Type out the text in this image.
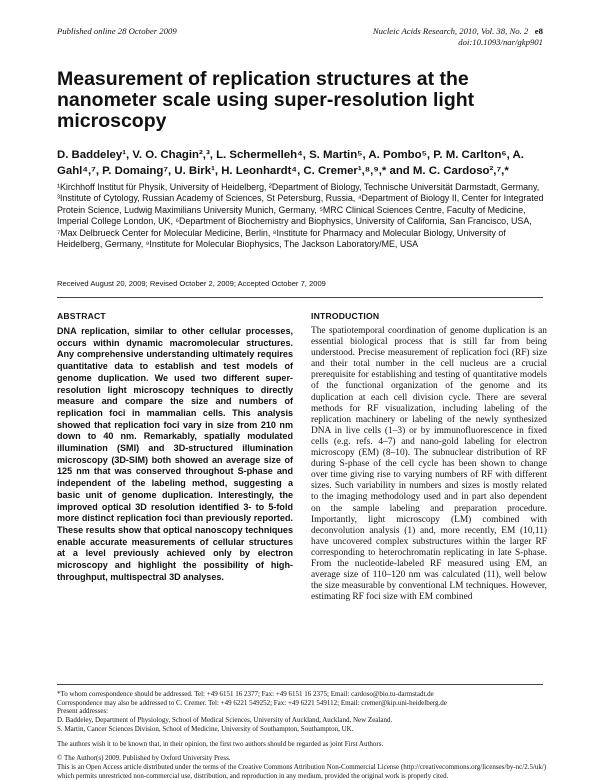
Published online 28 October 2009	Nucleic Acids Research, 2010, Vol. 38, No. 2 e8
doi:10.1093/nar/gkp901
Measurement of replication structures at the nanometer scale using super-resolution light microscopy
D. Baddeley¹, V. O. Chagin²,³, L. Schermelleh⁴, S. Martin⁵, A. Pombo⁵, P. M. Carlton⁶, A. Gahl⁴,⁷, P. Domaing⁷, U. Birk¹, H. Leonhardt⁴, C. Cremer¹,⁸,⁹,* and M. C. Cardoso²,⁷,*
¹Kirchhoff Institut für Physik, University of Heidelberg, ²Department of Biology, Technische Universität Darmstadt, Germany, ³Institute of Cytology, Russian Academy of Sciences, St Petersburg, Russia, ⁴Department of Biology II, Center for Integrated Protein Science, Ludwig Maximilians University Munich, Germany, ⁵MRC Clinical Sciences Centre, Faculty of Medicine, Imperial College London, UK, ⁶Department of Biochemistry and Biophysics, University of California, San Francisco, USA, ⁷Max Delbrueck Center for Molecular Medicine, Berlin, ⁸Institute for Pharmacy and Molecular Biology, University of Heidelberg, Germany, ⁹Institute for Molecular Biophysics, The Jackson Laboratory/ME, USA
Received August 20, 2009; Revised October 2, 2009; Accepted October 7, 2009
ABSTRACT

DNA replication, similar to other cellular processes, occurs within dynamic macromolecular structures. Any comprehensive understanding ultimately requires quantitative data to establish and test models of genome duplication. We used two different super-resolution light microscopy techniques to directly measure and compare the size and numbers of replication foci in mammalian cells. This analysis showed that replication foci vary in size from 210 nm down to 40 nm. Remarkably, spatially modulated illumination (SMI) and 3D-structured illumination microscopy (3D-SIM) both showed an average size of 125 nm that was conserved throughout S-phase and independent of the labeling method, suggesting a basic unit of genome duplication. Interestingly, the improved optical 3D resolution identified 3- to 5-fold more distinct replication foci than previously reported. These results show that optical nanoscopy techniques enable accurate measurements of cellular structures at a level previously achieved only by electron microscopy and highlight the possibility of high-throughput, multispectral 3D analyses.

INTRODUCTION

The spatiotemporal coordination of genome duplication is an essential biological process that is still far from being understood. Precise measurement of replication foci (RF) size and their total number in the cell nucleus are a crucial prerequisite for establishing and testing of quantitative models of the functional organization of the genome and its duplication at each cell division cycle. There are several methods for RF visualization, including labeling of the replication machinery or labeling of the newly synthesized DNA in live cells (1–3) or by immunofluorescence in fixed cells (e.g. refs. 4–7) and nano-gold labeling for electron microscopy (EM) (8–10). The subnuclear distribution of RF during S-phase of the cell cycle has been shown to change over time giving rise to varying numbers of RF with different sizes. Such variability in numbers and sizes is mostly related to the imaging methodology used and in part also dependent on the sample labeling and preparation procedure. Importantly, light microscopy (LM) combined with deconvolution analysis (1) and, more recently, EM (10,11) have uncovered complex substructures within the larger RF corresponding to heterochromatin replicating in late S-phase. From the nucleotide-labeled RF measured using EM, an average size of 110–120 nm was calculated (11), well below the size measurable by conventional LM techniques. However, estimating RF foci size with EM combined

*To whom correspondence should be addressed. Tel: +49 6151 16 2377; Fax: +49 6151 16 2375; Email: cardoso@bio.tu-darmstadt.de

Correspondence may also be addressed to C. Cremer. Tel: +49 6221 549252; Fax: +49 6221 549112; Email: cremer@kip.uni-heidelberg.de

Present addresses:

D. Baddeley, Department of Physiology, School of Medical Sciences, University of Auckland, Auckland, New Zealand.

S. Martin, Cancer Sciences Division, School of Medicine, University of Southampton, Southampton, UK.

The authors wish it to be known that, in their opinion, the first two authors should be regarded as joint First Authors.

© The Author(s) 2009. Published by Oxford University Press.

This is an Open Access article distributed under the terms of the Creative Commons Attribution Non-Commercial License (http://creativecommons.org/licenses/by-nc/2.5/uk/) which permits unrestricted non-commercial use, distribution, and reproduction in any medium, provided the original work is properly cited.
